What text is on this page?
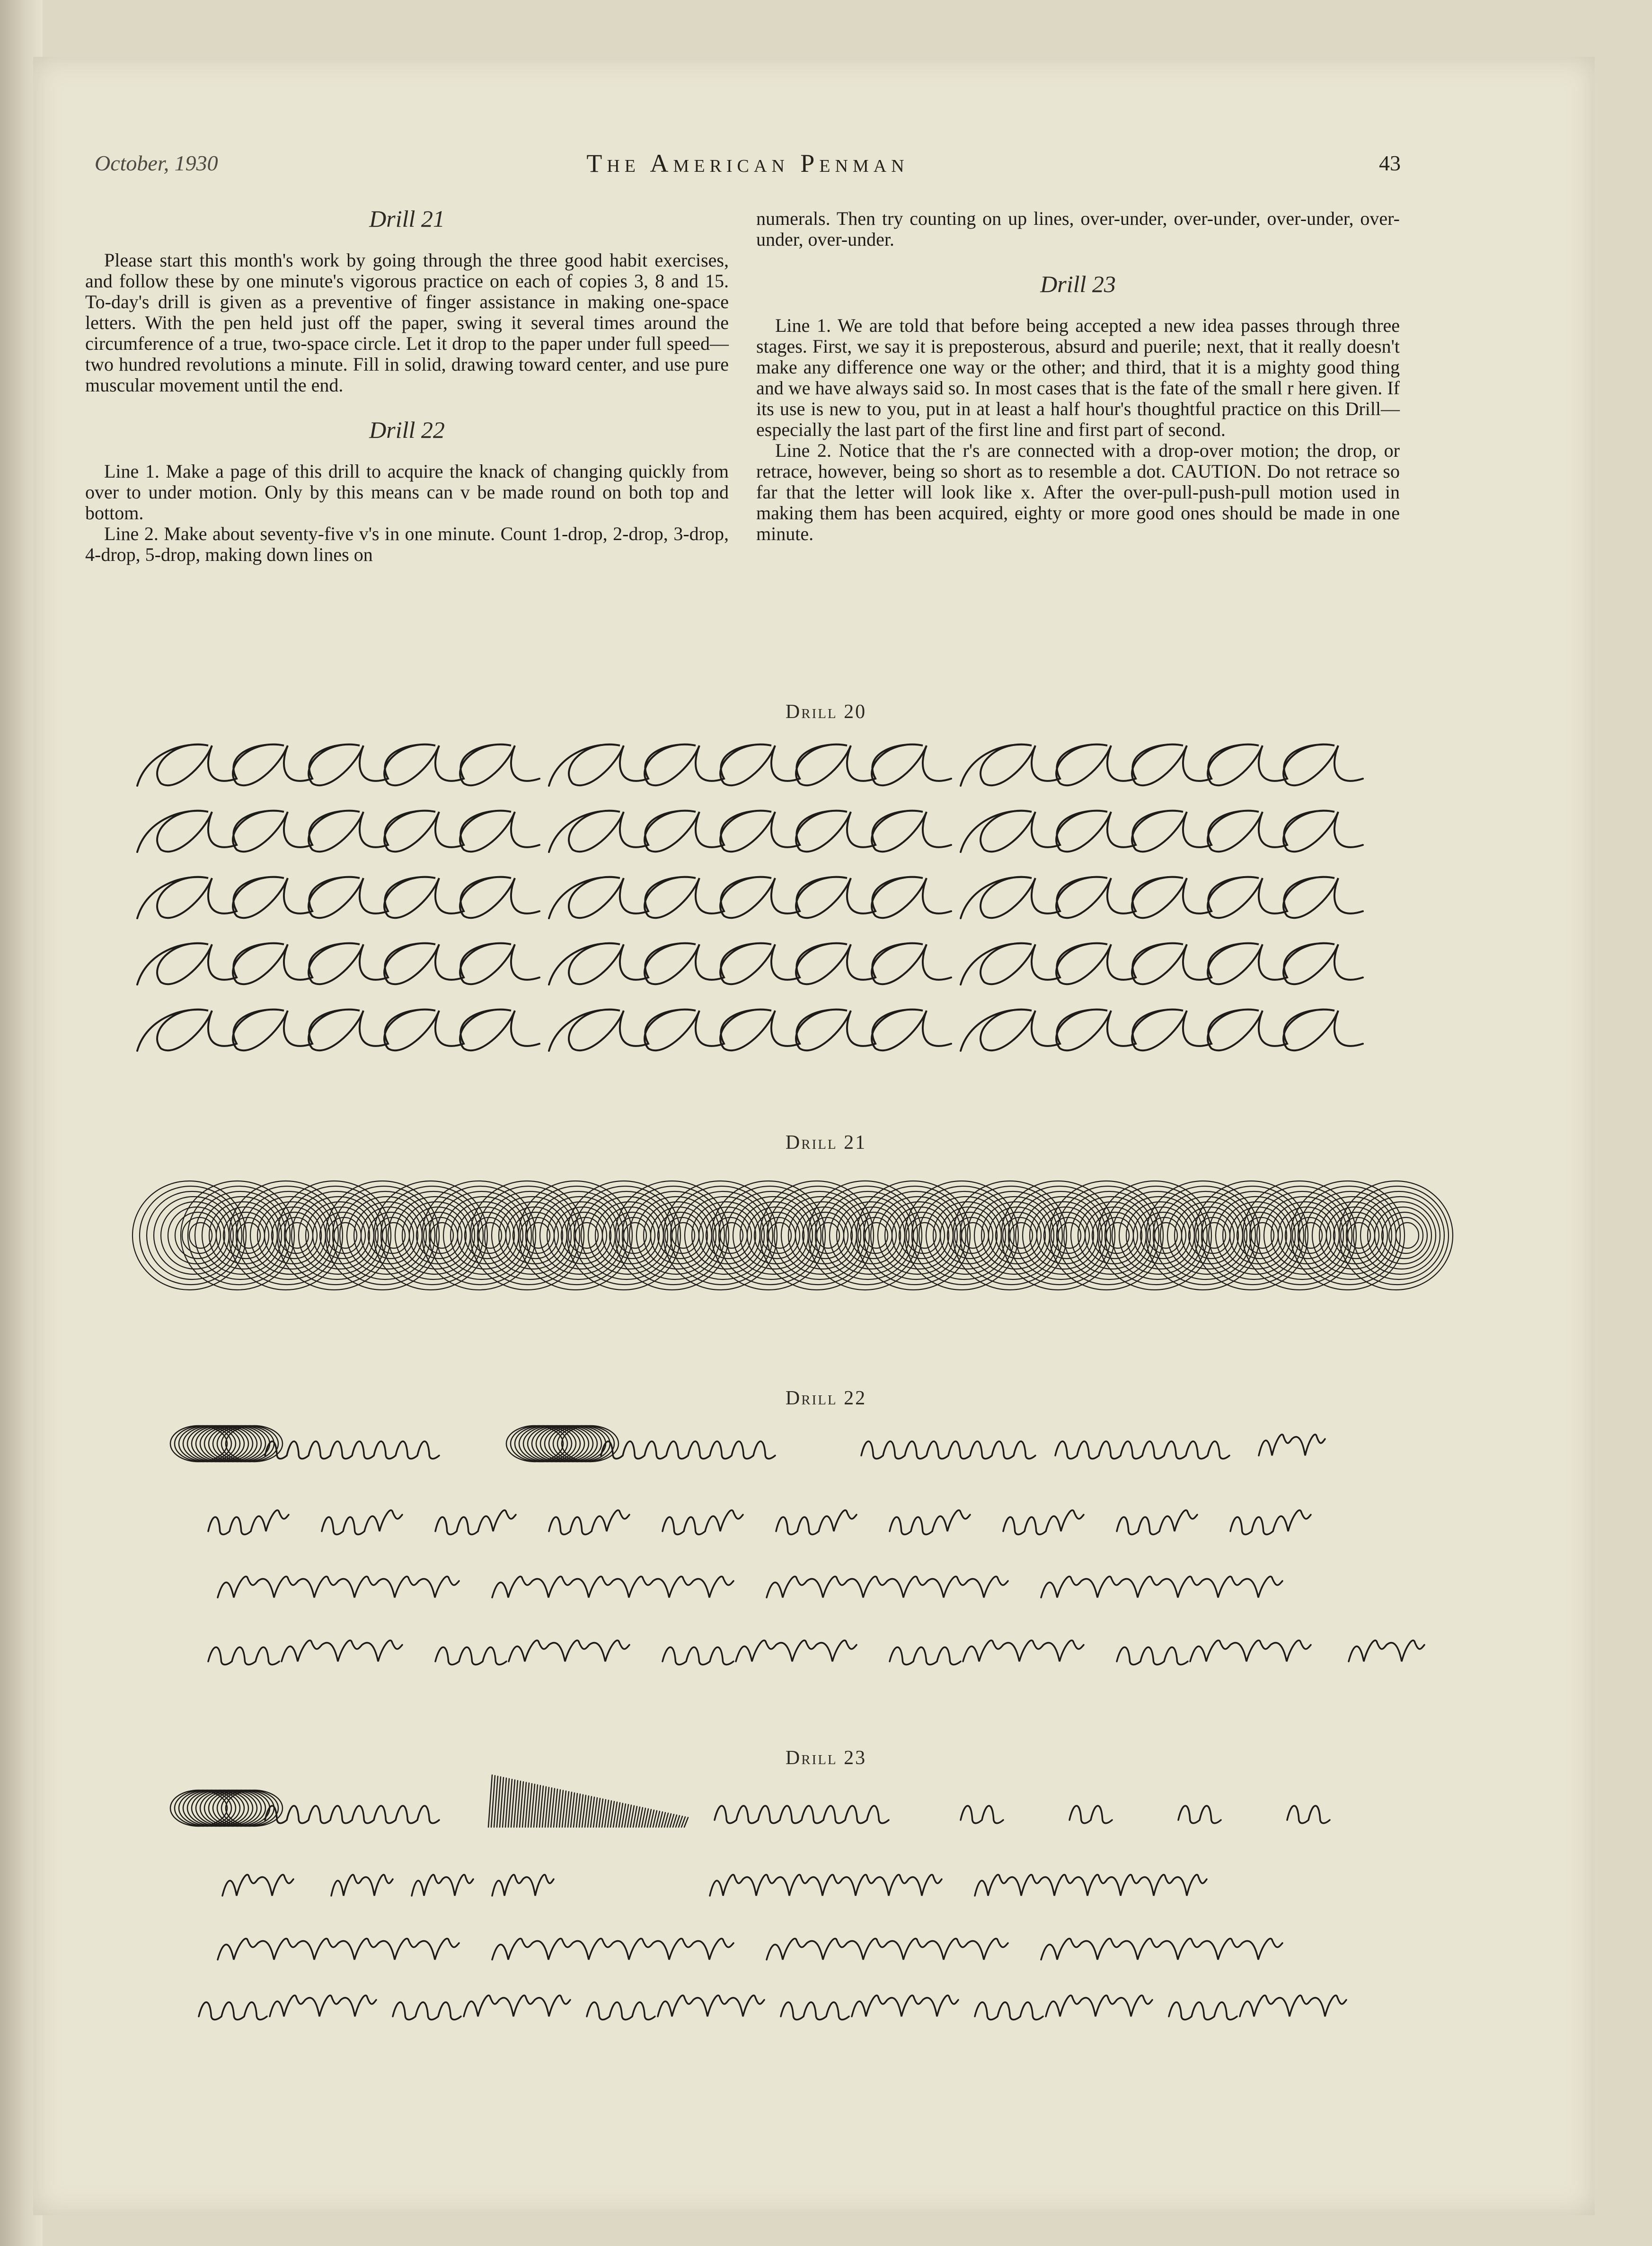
October, 1930	The American Penman	43
Drill 21

Please start this month's work by going through the three good habit exercises, and follow these by one minute's vigorous practice on each of copies 3, 8 and 15. To-day's drill is given as a preventive of finger assistance in making one-space letters. With the pen held just off the paper, swing it several times around the circumference of a true, two-space circle. Let it drop to the paper under full speed—two hundred revolutions a minute. Fill in solid, drawing toward center, and use pure muscular movement until the end.

Drill 22

Line 1. Make a page of this drill to acquire the knack of changing quickly from over to under motion. Only by this means can v be made round on both top and bottom.

Line 2. Make about seventy-five v's in one minute. Count 1-drop, 2-drop, 3-drop, 4-drop, 5-drop, making down lines on

numerals. Then try counting on up lines, over-under, over-under, over-under, over-under, over-under.

Drill 23

Line 1. We are told that before being accepted a new idea passes through three stages. First, we say it is preposterous, absurd and puerile; next, that it really doesn't make any difference one way or the other; and third, that it is a mighty good thing and we have always said so. In most cases that is the fate of the small r here given. If its use is new to you, put in at least a half hour's thoughtful practice on this Drill—especially the last part of the first line and first part of second.

Line 2. Notice that the r's are connected with a drop-over motion; the drop, or retrace, however, being so short as to resemble a dot. CAUTION. Do not retrace so far that the letter will look like x. After the over-pull-push-pull motion used in making them has been acquired, eighty or more good ones should be made in one minute.

Drill 20
Drill 21
Drill 22
Drill 23
